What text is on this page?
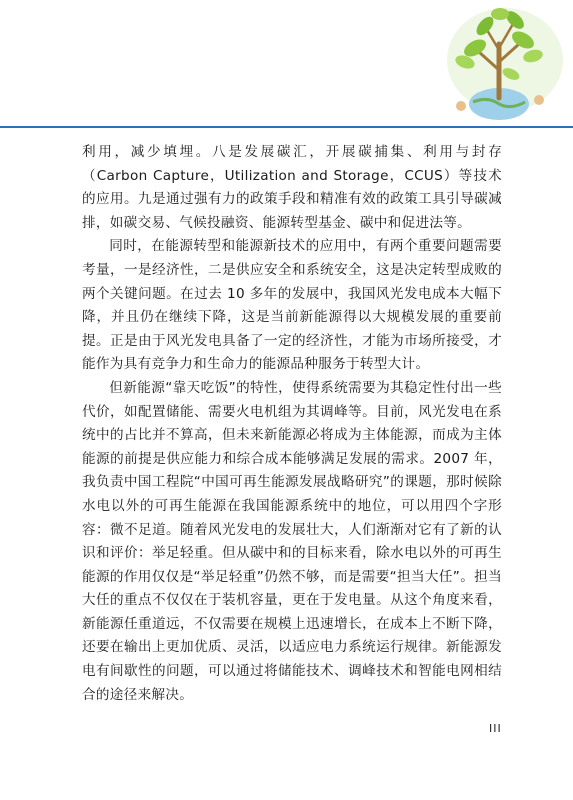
利用，减少填埋。八是发展碳汇，开展碳捕集、利用与封存（Carbon Capture，Utilization and Storage，CCUS）等技术的应用。九是通过强有力的政策手段和精准有效的政策工具引导碳减排，如碳交易、气候投融资、能源转型基金、碳中和促进法等。

同时，在能源转型和能源新技术的应用中，有两个重要问题需要考量，一是经济性，二是供应安全和系统安全，这是决定转型成败的两个关键问题。在过去 10 多年的发展中，我国风光发电成本大幅下降，并且仍在继续下降，这是当前新能源得以大规模发展的重要前提。正是由于风光发电具备了一定的经济性，才能为市场所接受，才能作为具有竞争力和生命力的能源品种服务于转型大计。

但新能源“靠天吃饭”的特性，使得系统需要为其稳定性付出一些代价，如配置储能、需要火电机组为其调峰等。目前，风光发电在系统中的占比并不算高，但未来新能源必将成为主体能源，而成为主体能源的前提是供应能力和综合成本能够满足发展的需求。2007 年，我负责中国工程院“中国可再生能源发展战略研究”的课题，那时候除水电以外的可再生能源在我国能源系统中的地位，可以用四个字形容：微不足道。随着风光发电的发展壮大，人们渐渐对它有了新的认识和评价：举足轻重。但从碳中和的目标来看，除水电以外的可再生能源的作用仅仅是“举足轻重”仍然不够，而是需要“担当大任”。担当大任的重点不仅仅在于装机容量，更在于发电量。从这个角度来看，新能源任重道远，不仅需要在规模上迅速增长，在成本上不断下降，还要在输出上更加优质、灵活，以适应电力系统运行规律。新能源发电有间歇性的问题，可以通过将储能技术、调峰技术和智能电网相结合的途径来解决。

III
